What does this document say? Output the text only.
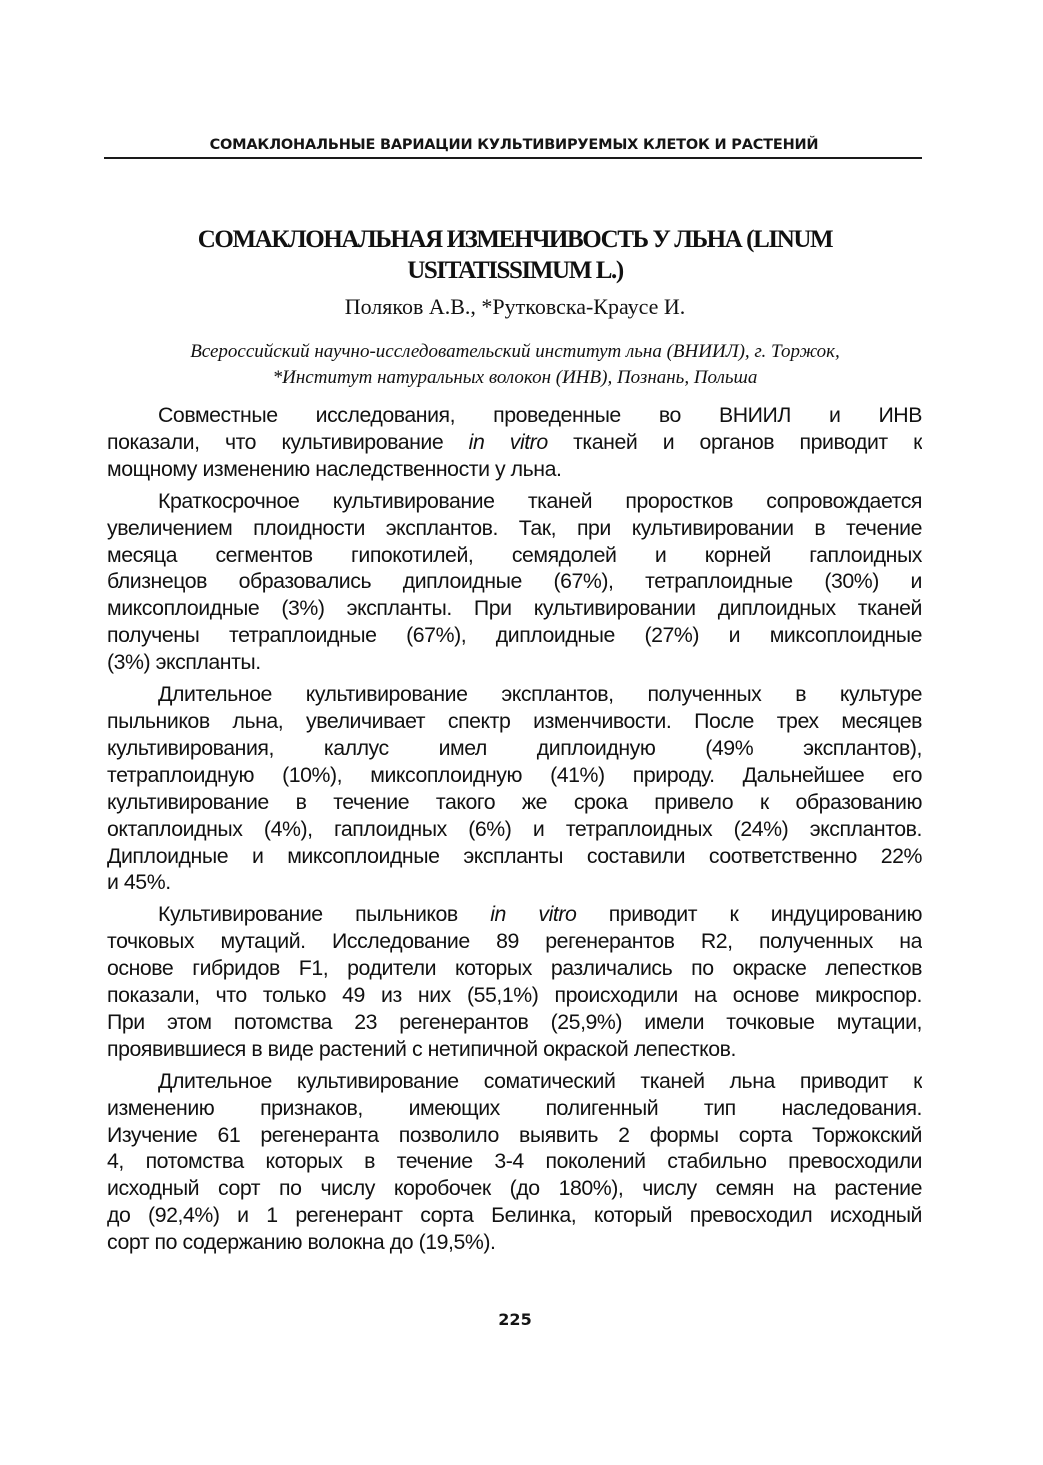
СОМАКЛОНАЛЬНЫЕ ВАРИАЦИИ КУЛЬТИВИРУЕМЫХ КЛЕТОК И РАСТЕНИЙ
СОМАКЛОНАЛЬНАЯ ИЗМЕНЧИВОСТЬ У ЛЬНА (LINUM
USITATISSIMUM L.)
Поляков А.В., *Рутковска-Краусе И.
Всероссийский научно-исследовательский институт льна (ВНИИЛ), г. Торжок,
*Институт натуральных волокон (ИНВ), Познань, Польша

Совместные исследования, проведенные во ВНИИЛ и ИНВ
показали, что культивирование in vitro тканей и органов приводит к
мощному изменению наследственности у льна.

Краткосрочное культивирование тканей проростков сопровождается
увеличением плоидности эксплантов. Так, при культивировании в течение
месяца сегментов гипокотилей, семядолей и корней гаплоидных
близнецов образовались диплоидные (67%), тетраплоидные (30%) и
миксоплоидные (3%) экспланты. При культивировании диплоидных тканей
получены тетраплоидные (67%), диплоидные (27%) и миксоплоидные
(3%) экспланты.

Длительное культивирование эксплантов, полученных в культуре
пыльников льна, увеличивает спектр изменчивости. После трех месяцев
культивирования, каллус имел диплоидную (49% эксплантов),
тетраплоидную (10%), миксоплоидную (41%) природу. Дальнейшее его
культивирование в течение такого же срока привело к образованию
октаплоидных (4%), гаплоидных (6%) и тетраплоидных (24%) эксплантов.
Диплоидные и миксоплоидные экспланты составили соответственно 22%
и 45%.

Культивирование пыльников in vitro приводит к индуцированию
точковых мутаций. Исследование 89 регенерантов R2, полученных на
основе гибридов F1, родители которых различались по окраске лепестков
показали, что только 49 из них (55,1%) происходили на основе микроспор.
При этом потомства 23 регенерантов (25,9%) имели точковые мутации,
проявившиеся в виде растений с нетипичной окраской лепестков.

Длительное культивирование соматический тканей льна приводит к
изменению признаков, имеющих полигенный тип наследования.
Изучение 61 регенеранта позволило выявить 2 формы сорта Торжокский
4, потомства которых в течение 3-4 поколений стабильно превосходили
исходный сорт по числу коробочек (до 180%), числу семян на растение
до (92,4%) и 1 регенерант сорта Белинка, который превосходил исходный
сорт по содержанию волокна до (19,5%).

225
